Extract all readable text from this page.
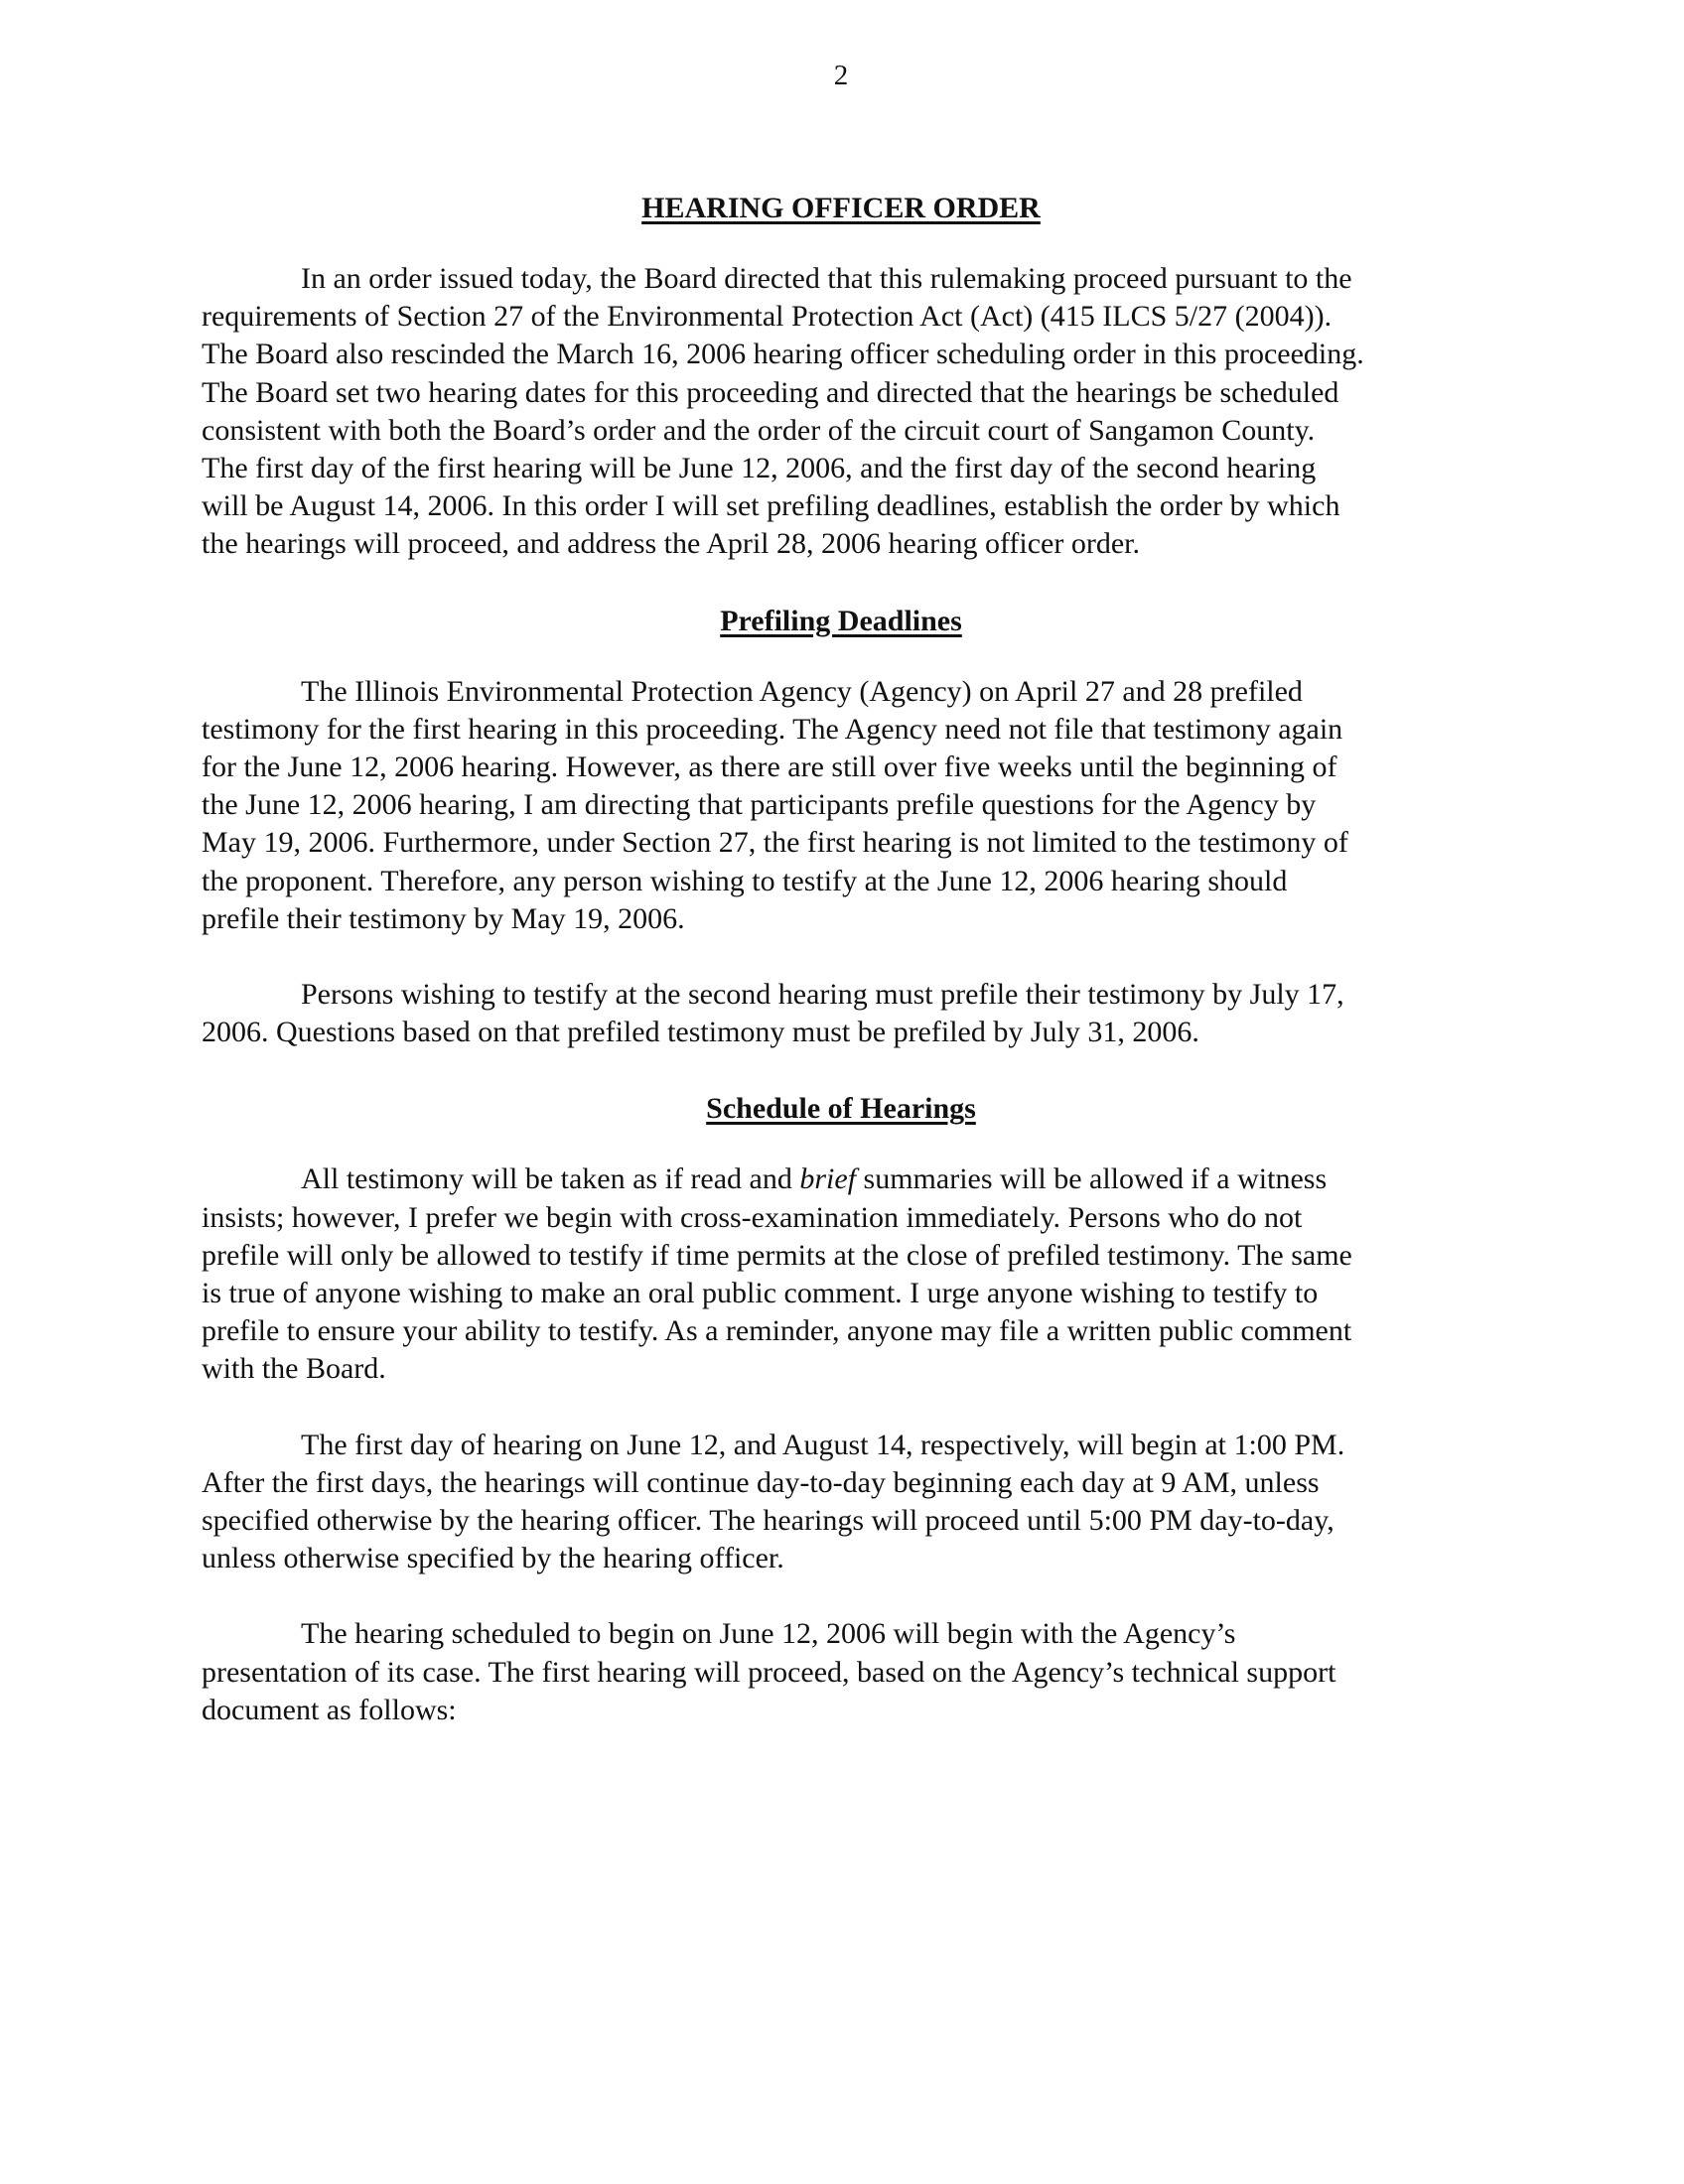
2
HEARING OFFICER ORDER

In an order issued today, the Board directed that this rulemaking proceed pursuant to the
requirements of Section 27 of the Environmental Protection Act (Act) (415 ILCS 5/27 (2004)).
The Board also rescinded the March 16, 2006 hearing officer scheduling order in this proceeding.
The Board set two hearing dates for this proceeding and directed that the hearings be scheduled
consistent with both the Board’s order and the order of the circuit court of Sangamon County.
The first day of the first hearing will be June 12, 2006, and the first day of the second hearing
will be August 14, 2006. In this order I will set prefiling deadlines, establish the order by which
the hearings will proceed, and address the April 28, 2006 hearing officer order.

Prefiling Deadlines

The Illinois Environmental Protection Agency (Agency) on April 27 and 28 prefiled
testimony for the first hearing in this proceeding. The Agency need not file that testimony again
for the June 12, 2006 hearing. However, as there are still over five weeks until the beginning of
the June 12, 2006 hearing, I am directing that participants prefile questions for the Agency by
May 19, 2006. Furthermore, under Section 27, the first hearing is not limited to the testimony of
the proponent. Therefore, any person wishing to testify at the June 12, 2006 hearing should
prefile their testimony by May 19, 2006.

Persons wishing to testify at the second hearing must prefile their testimony by July 17,
2006. Questions based on that prefiled testimony must be prefiled by July 31, 2006.

Schedule of Hearings

All testimony will be taken as if read and brief summaries will be allowed if a witness
insists; however, I prefer we begin with cross-examination immediately. Persons who do not
prefile will only be allowed to testify if time permits at the close of prefiled testimony. The same
is true of anyone wishing to make an oral public comment. I urge anyone wishing to testify to
prefile to ensure your ability to testify. As a reminder, anyone may file a written public comment
with the Board.

The first day of hearing on June 12, and August 14, respectively, will begin at 1:00 PM.
After the first days, the hearings will continue day-to-day beginning each day at 9 AM, unless
specified otherwise by the hearing officer. The hearings will proceed until 5:00 PM day-to-day,
unless otherwise specified by the hearing officer.

The hearing scheduled to begin on June 12, 2006 will begin with the Agency’s
presentation of its case. The first hearing will proceed, based on the Agency’s technical support
document as follows:
